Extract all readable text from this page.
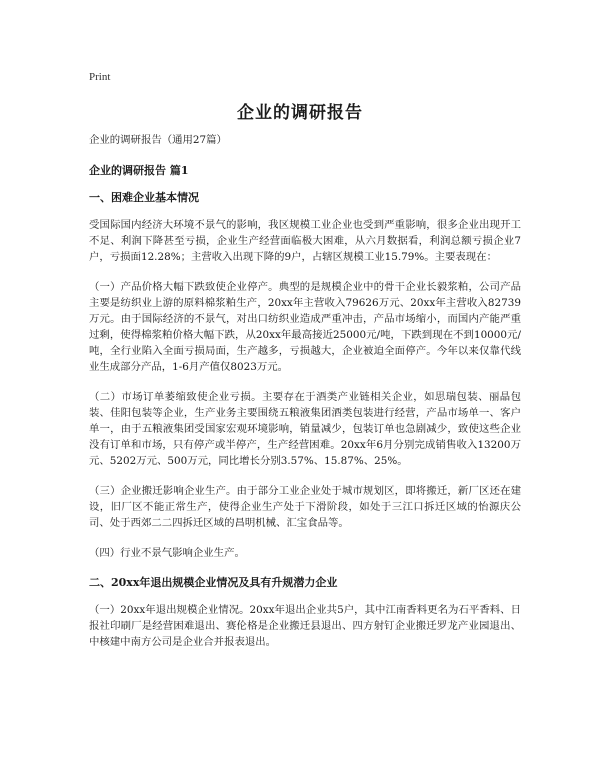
Print
企业的调研报告

企业的调研报告（通用27篇）

企业的调研报告 篇1

一、困难企业基本情况

受国际国内经济大环境不景气的影响，我区规模工业企业也受到严重影响，很多企业出现开工不足、利润下降甚至亏损，企业生产经营面临极大困难，从六月数据看，利润总额亏损企业7户，亏损面12.28%；主营收入出现下降的9户，占辖区规模工业15.79%。主要表现在：

（一）产品价格大幅下跌致使企业停产。典型的是规模企业中的骨干企业长毅浆粕，公司产品主要是纺织业上游的原料棉浆粕生产，20xx年主营收入79626万元、20xx年主营收入82739万元。由于国际经济的不景气，对出口纺织业造成严重冲击，产品市场缩小，而国内产能严重过剩，使得棉浆粕价格大幅下跌，从20xx年最高接近25000元/吨，下跌到现在不到10000元/吨，全行业陷入全面亏损局面，生产越多，亏损越大，企业被迫全面停产。今年以来仅靠代线业生成部分产品，1-6月产值仅8023万元。

（二）市场订单萎缩致使企业亏损。主要存在于酒类产业链相关企业，如思瑞包装、丽晶包装、佳阳包装等企业，生产业务主要围绕五粮液集团酒类包装进行经营，产品市场单一、客户单一，由于五粮液集团受国家宏观环境影响，销量减少，包装订单也急剧减少，致使这些企业没有订单和市场，只有停产或半停产，生产经营困难。20xx年6月分别完成销售收入13200万元、5202万元、500万元，同比增长分别3.57%、15.87%、25%。

（三）企业搬迁影响企业生产。由于部分工业企业处于城市规划区，即将搬迁，新厂区还在建设，旧厂区不能正常生产，使得企业生产处于下滑阶段，如处于三江口拆迁区域的怡源庆公司、处于西郊二二四拆迁区域的昌明机械、汇宝食品等。

（四）行业不景气影响企业生产。

二、20xx年退出规模企业情况及具有升规潜力企业

（一）20xx年退出规模企业情况。20xx年退出企业共5户，其中江南香料更名为石平香料、日报社印刷厂是经营困难退出、赛伦格是企业搬迁县退出、四方射钉企业搬迁罗龙产业园退出、中核建中南方公司是企业合并报表退出。
